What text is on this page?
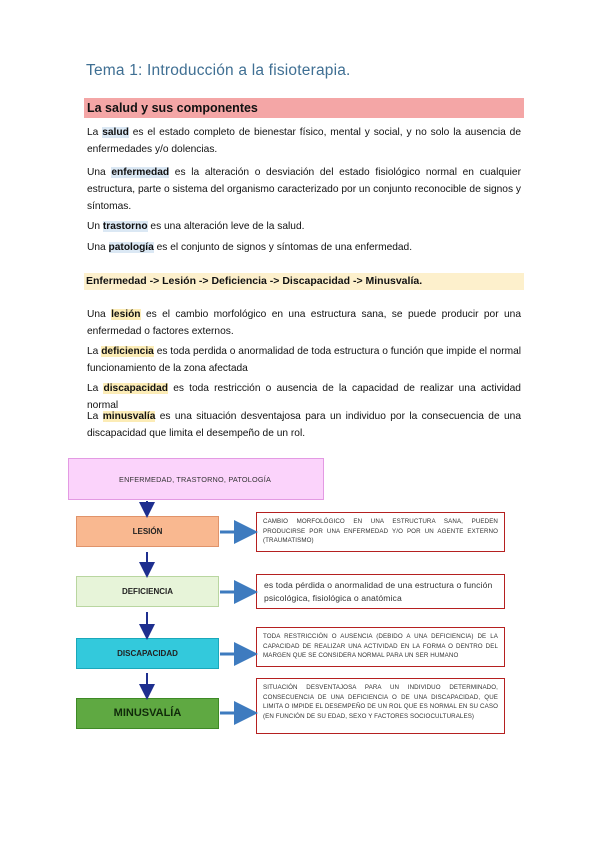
Tema 1: Introducción a la fisioterapia.
La salud y sus componentes
La salud es el estado completo de bienestar físico, mental y social, y no solo la ausencia de enfermedades y/o dolencias.
Una enfermedad es la alteración o desviación del estado fisiológico normal en cualquier estructura, parte o sistema del organismo caracterizado por un conjunto reconocible de signos y síntomas.
Un trastorno es una alteración leve de la salud.
Una patología es el conjunto de signos y síntomas de una enfermedad.
Enfermedad -> Lesión -> Deficiencia -> Discapacidad -> Minusvalía.
Una lesión es el cambio morfológico en una estructura sana, se puede producir por una enfermedad o factores externos.
La deficiencia es toda perdida o anormalidad de toda estructura o función que impide el normal funcionamiento de la zona afectada
La discapacidad es toda restricción o ausencia de la capacidad de realizar una actividad normal
La minusvalía es una situación desventajosa para un individuo por la consecuencia de una discapacidad que limita el desempeño de un rol.
ENFERMEDAD, TRASTORNO, PATOLOGÍA
LESIÓN
DEFICIENCIA
DISCAPACIDAD
MINUSVALÍA
CAMBIO MORFOLÓGICO EN UNA ESTRUCTURA SANA, PUEDEN PRODUCIRSE POR UNA ENFERMEDAD Y/O POR UN AGENTE EXTERNO (TRAUMATISMO)
es toda pérdida o anormalidad de una estructura o función psicológica, fisiológica o anatómica
TODA RESTRICCIÓN O AUSENCIA (DEBIDO A UNA DEFICIENCIA) DE LA CAPACIDAD DE REALIZAR UNA ACTIVIDAD EN LA FORMA O DENTRO DEL MARGEN QUE SE CONSIDERA NORMAL PARA UN SER HUMANO
SITUACIÓN DESVENTAJOSA PARA UN INDIVIDUO DETERMINADO, CONSECUENCIA DE UNA DEFICIENCIA O DE UNA DISCAPACIDAD, QUE LIMITA O IMPIDE EL DESEMPEÑO DE UN ROL QUE ES NORMAL EN SU CASO (EN FUNCIÓN DE SU EDAD, SEXO Y FACTORES SOCIOCULTURALES)
